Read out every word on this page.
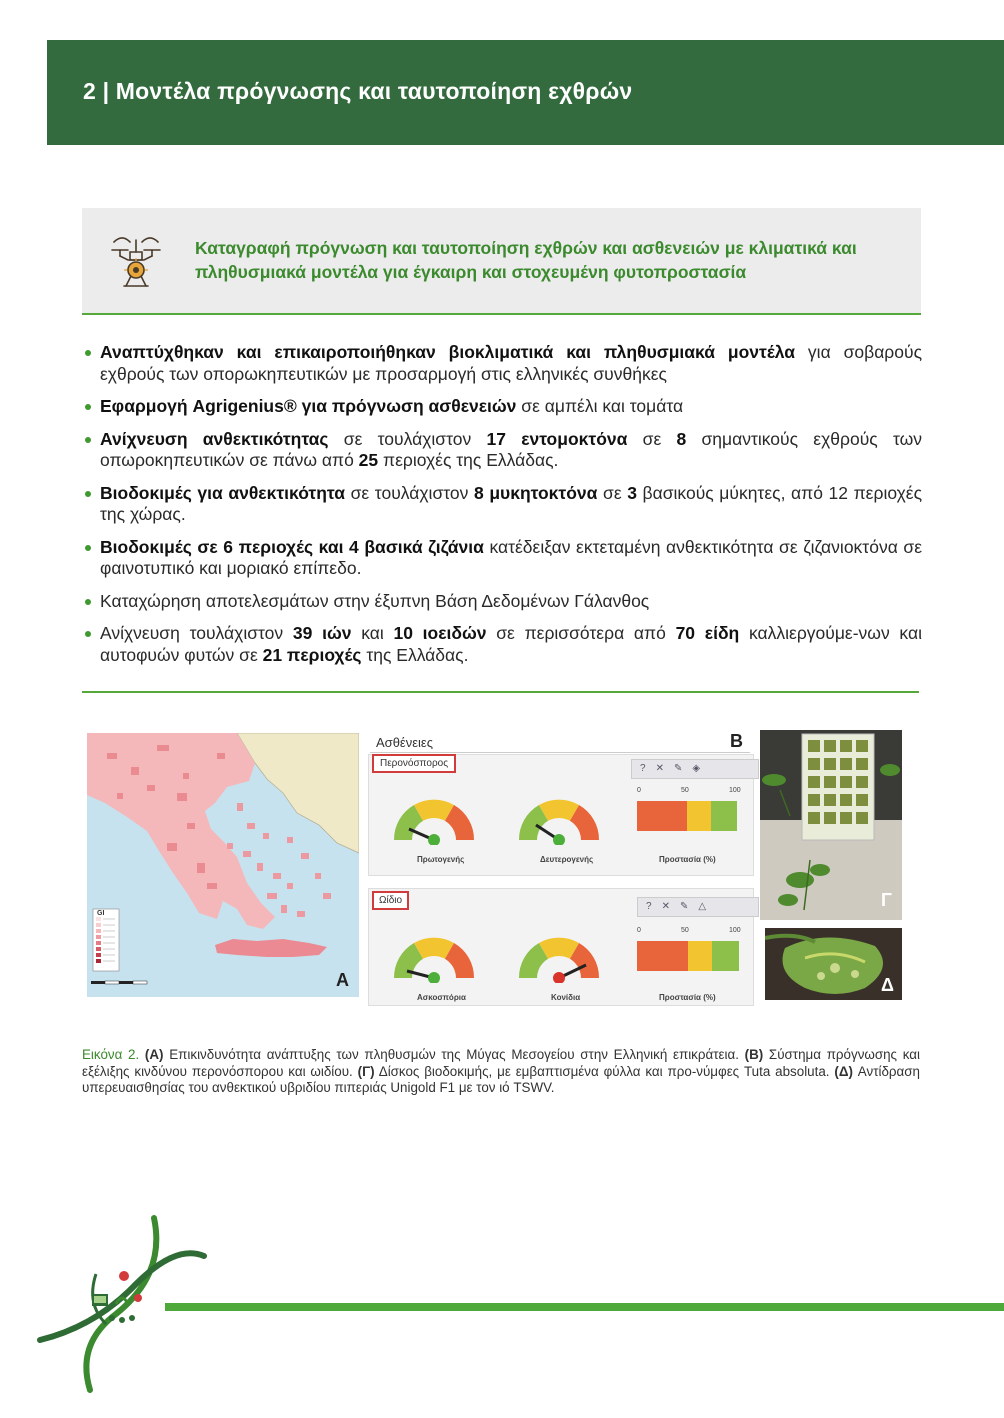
2 | Μοντέλα πρόγνωσης και ταυτοποίηση εχθρών

Καταγραφή πρόγνωση και ταυτοποίηση εχθρών και ασθενειών με κλιματικά και πληθυσμιακά μοντέλα για έγκαιρη και στοχευμένη φυτοπροστασία

Αναπτύχθηκαν και επικαιροποιήθηκαν βιοκλιματικά και πληθυσμιακά μοντέλα για σοβαρούς εχθρούς των οπορωκηπευτικών με προσαρμογή στις ελληνικές συνθήκες
Εφαρμογή Agrigenius® για πρόγνωση ασθενειών σε αμπέλι και τομάτα
Ανίχνευση ανθεκτικότητας σε τουλάχιστον 17 εντομοκτόνα σε 8 σημαντικούς εχθρούς των οπωροκηπευτικών σε πάνω από 25 περιοχές της Ελλάδας.
Βιοδοκιμές για ανθεκτικότητα σε τουλάχιστον 8 μυκητοκτόνα σε 3 βασικούς μύκητες, από 12 περιοχές της χώρας.
Βιοδοκιμές σε 6 περιοχές και 4 βασικά ζιζάνια κατέδειξαν εκτεταμένη ανθεκτικότητα σε ζιζανιοκτόνα σε φαινοτυπικό και μοριακό επίπεδο.
Καταχώρηση αποτελεσμάτων στην έξυπνη Βάση Δεδομένων Γάλανθος
Ανίχνευση τουλάχιστον 39 ιών και 10 ιοειδών σε περισσότερα από 70 είδη καλλιεργούμε-νων και αυτοφυών φυτών σε 21 περιοχές της Ελλάδας.
GI
A
Ασθένειες	B
Περονόσπορος	?✕✎◈
Πρωτογενής	Δευτερογενής
0	50	100
Προστασία (%)
Ωίδιο
?✕✎△
Ασκοσπόρια	Κονίδια
0	50	100
Προστασία (%)
Γ
Δ

Εικόνα 2. (A) Επικινδυνότητα ανάπτυξης των πληθυσμών της Μύγας Μεσογείου στην Ελληνική επικράτεια. (B) Σύστημα πρόγνωσης και εξέλιξης κινδύνου περονόσπορου και ωιδίου. (Γ) Δίσκος βιοδοκιμής, με εμβαπτισμένα φύλλα και προ-νύμφες Tuta absoluta. (Δ) Αντίδραση υπερευαισθησίας του ανθεκτικού υβριδίου πιπεριάς Unigold F1 με τον ιό TSWV.
